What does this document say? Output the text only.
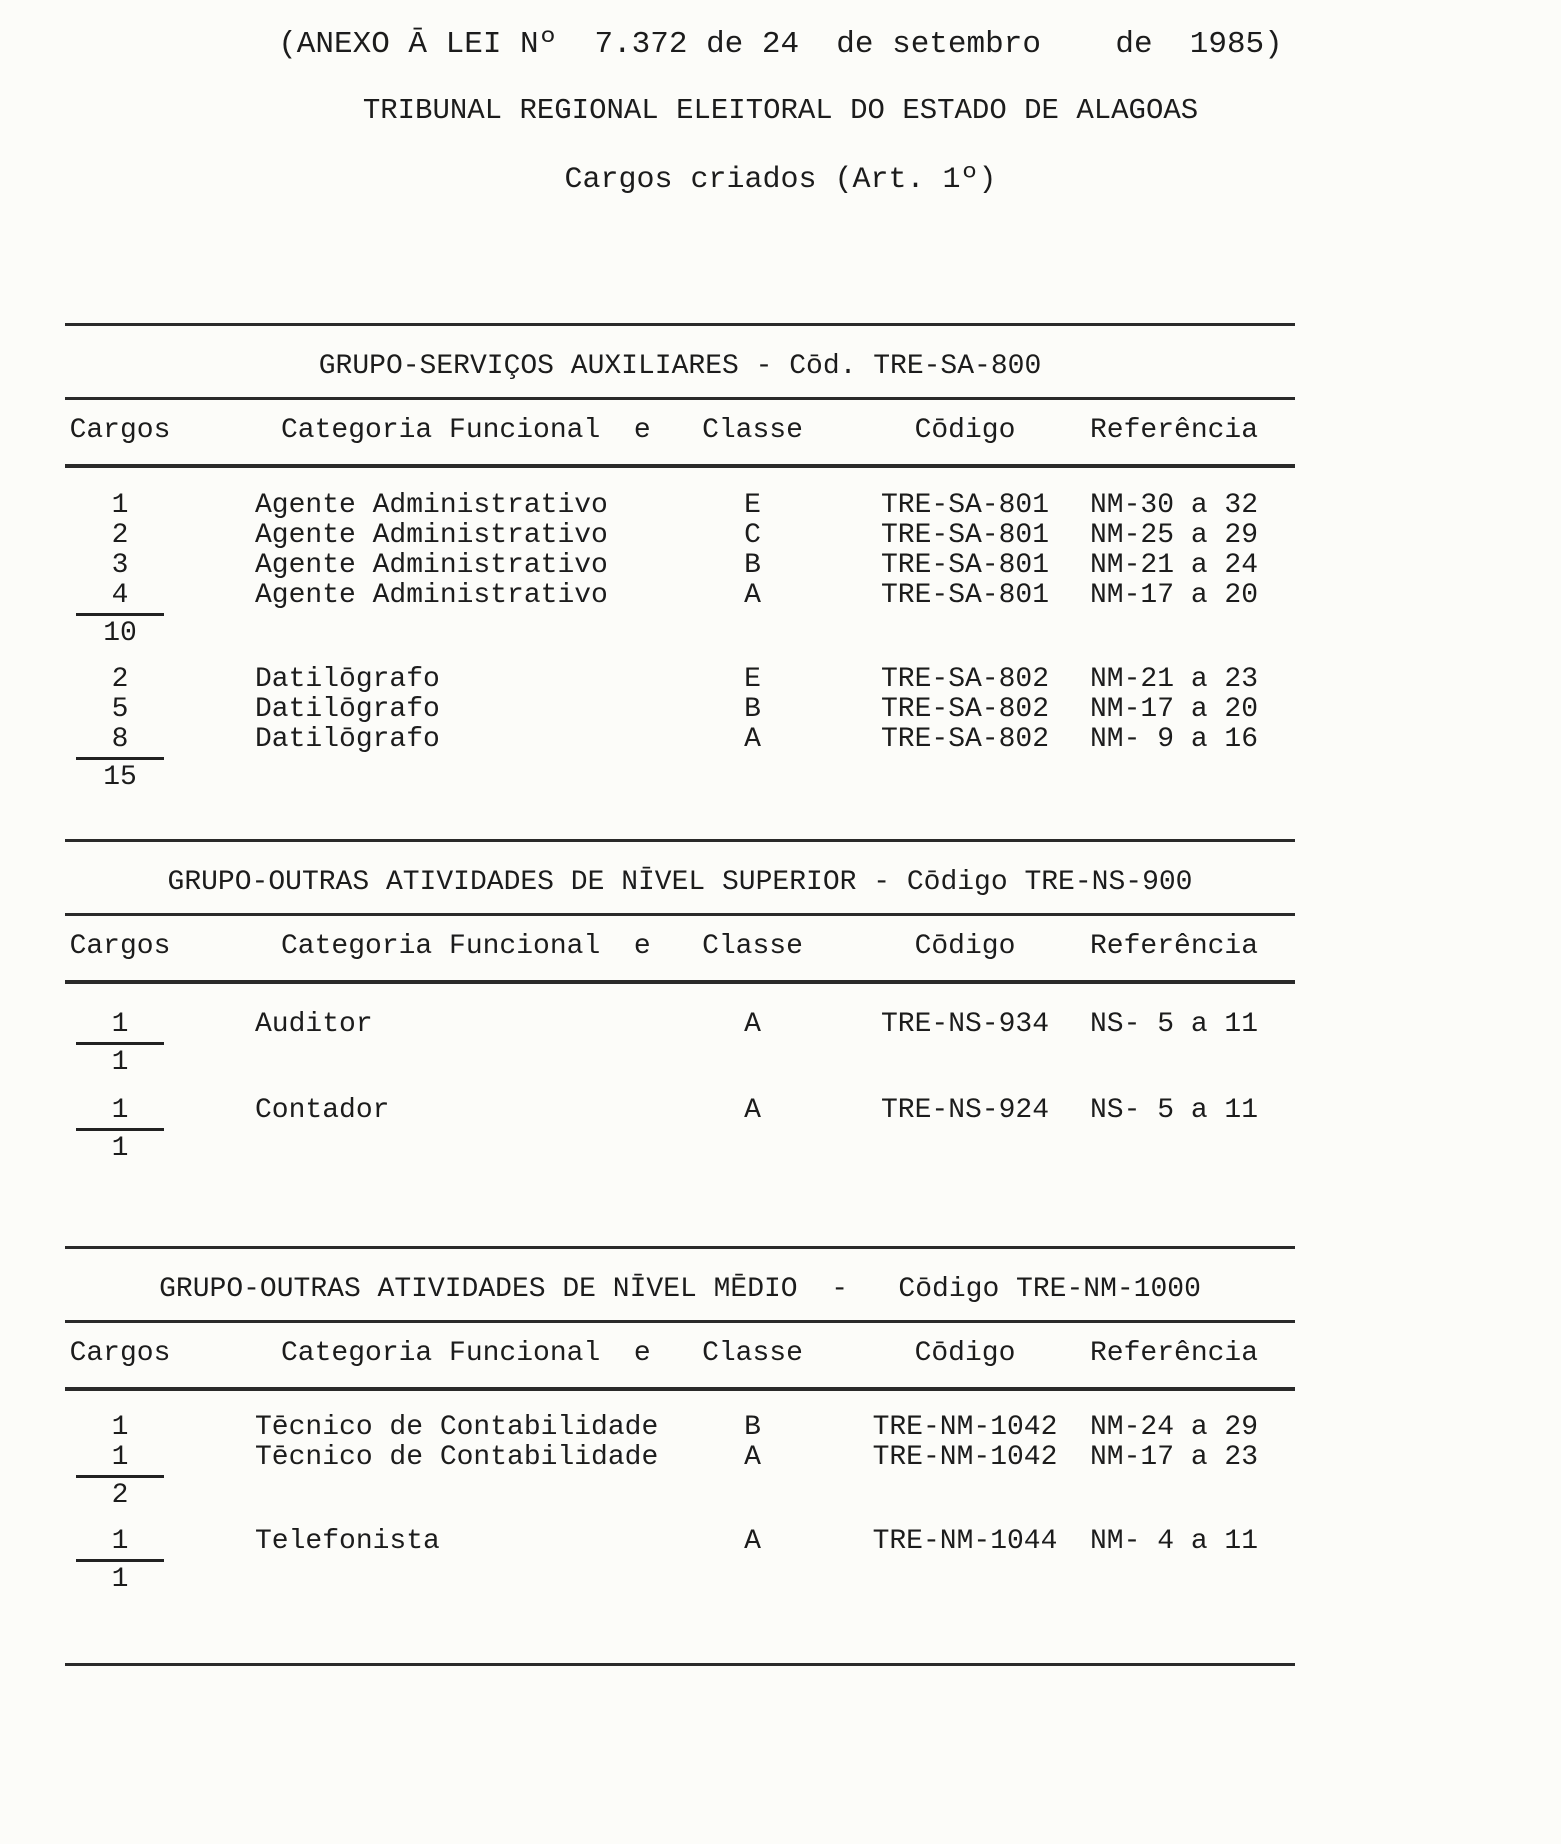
(ANEXO Ā LEI Nº  7.372 de 24  de setembro    de  1985)
TRIBUNAL REGIONAL ELEITORAL DO ESTADO DE ALAGOAS
Cargos criados (Art. 1º)
GRUPO-SERVIÇOS AUXILIARES - Cōd. TRE-SA-800
Cargos	Categoria Funcional  e	Classe	Cōdigo	Referência
1	Agente Administrativo	E	TRE-SA-801	NM-30 a 32
2	Agente Administrativo	C	TRE-SA-801	NM-25 a 29
3	Agente Administrativo	B	TRE-SA-801	NM-21 a 24
4	Agente Administrativo	A	TRE-SA-801	NM-17 a 20
10
2	Datilōgrafo	E	TRE-SA-802	NM-21 a 23
5	Datilōgrafo	B	TRE-SA-802	NM-17 a 20
8	Datilōgrafo	A	TRE-SA-802	NM- 9 a 16
15
GRUPO-OUTRAS ATIVIDADES DE NĪVEL SUPERIOR - Cōdigo TRE-NS-900
Cargos	Categoria Funcional  e	Classe	Cōdigo	Referência
1	Auditor	A	TRE-NS-934	NS- 5 a 11
1
1	Contador	A	TRE-NS-924	NS- 5 a 11
1
GRUPO-OUTRAS ATIVIDADES DE NĪVEL MĒDIO  -   Cōdigo TRE-NM-1000
Cargos	Categoria Funcional  e	Classe	Cōdigo	Referência
1	Tēcnico de Contabilidade	B	TRE-NM-1042	NM-24 a 29
1	Tēcnico de Contabilidade	A	TRE-NM-1042	NM-17 a 23
2
1	Telefonista	A	TRE-NM-1044	NM- 4 a 11
1
